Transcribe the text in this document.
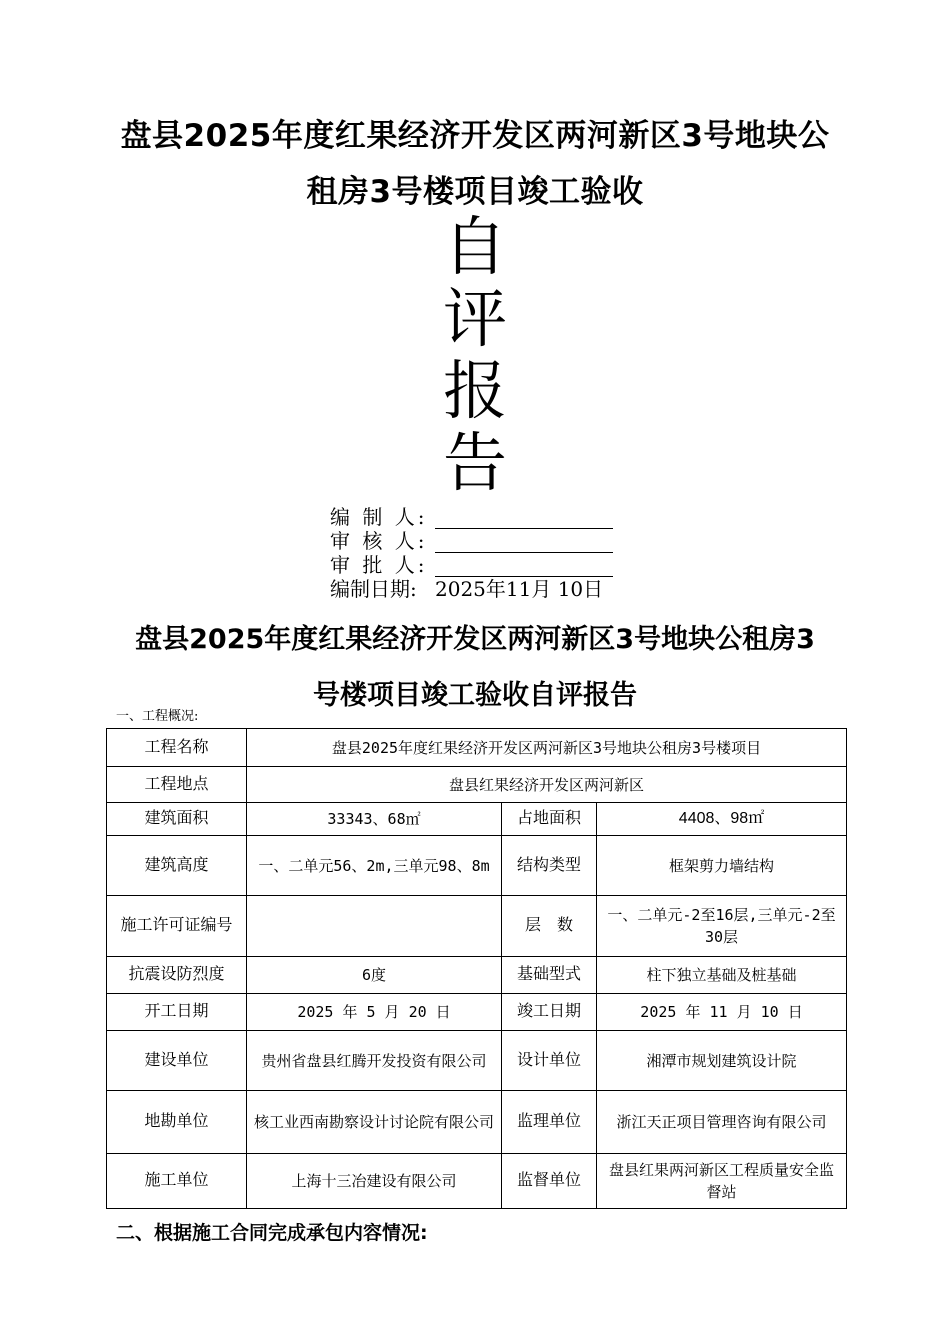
盘县2025年度红果经济开发区两河新区3号地块公
租房3号楼项目竣工验收
自
评
报
告
编 制 人:
审 核 人:
审 批 人:
编制日期: 2025年11月 10日
盘县2025年度红果经济开发区两河新区3号地块公租房3
号楼项目竣工验收自评报告
一、工程概况:
工程名称	盘县2025年度红果经济开发区两河新区3号地块公租房3号楼项目		
工程地点	盘县红果经济开发区两河新区		
建筑面积	33343、68㎡	占地面积	4408、98㎡
建筑高度	一、二单元56、2m,三单元98、8m	结构类型	框架剪力墙结构
施工许可证编号		层　数	一、二单元-2至16层,三单元-2至30层
抗震设防烈度	6度	基础型式	柱下独立基础及桩基础
开工日期	2025 年 5 月 20 日	竣工日期	2025 年 11 月 10 日
建设单位	贵州省盘县红腾开发投资有限公司	设计单位	湘潭市规划建筑设计院
地勘单位	核工业西南勘察设计讨论院有限公司	监理单位	浙江天正项目管理咨询有限公司
施工单位	上海十三冶建设有限公司	监督单位	盘县红果两河新区工程质量安全监督站
二、根据施工合同完成承包内容情况:
